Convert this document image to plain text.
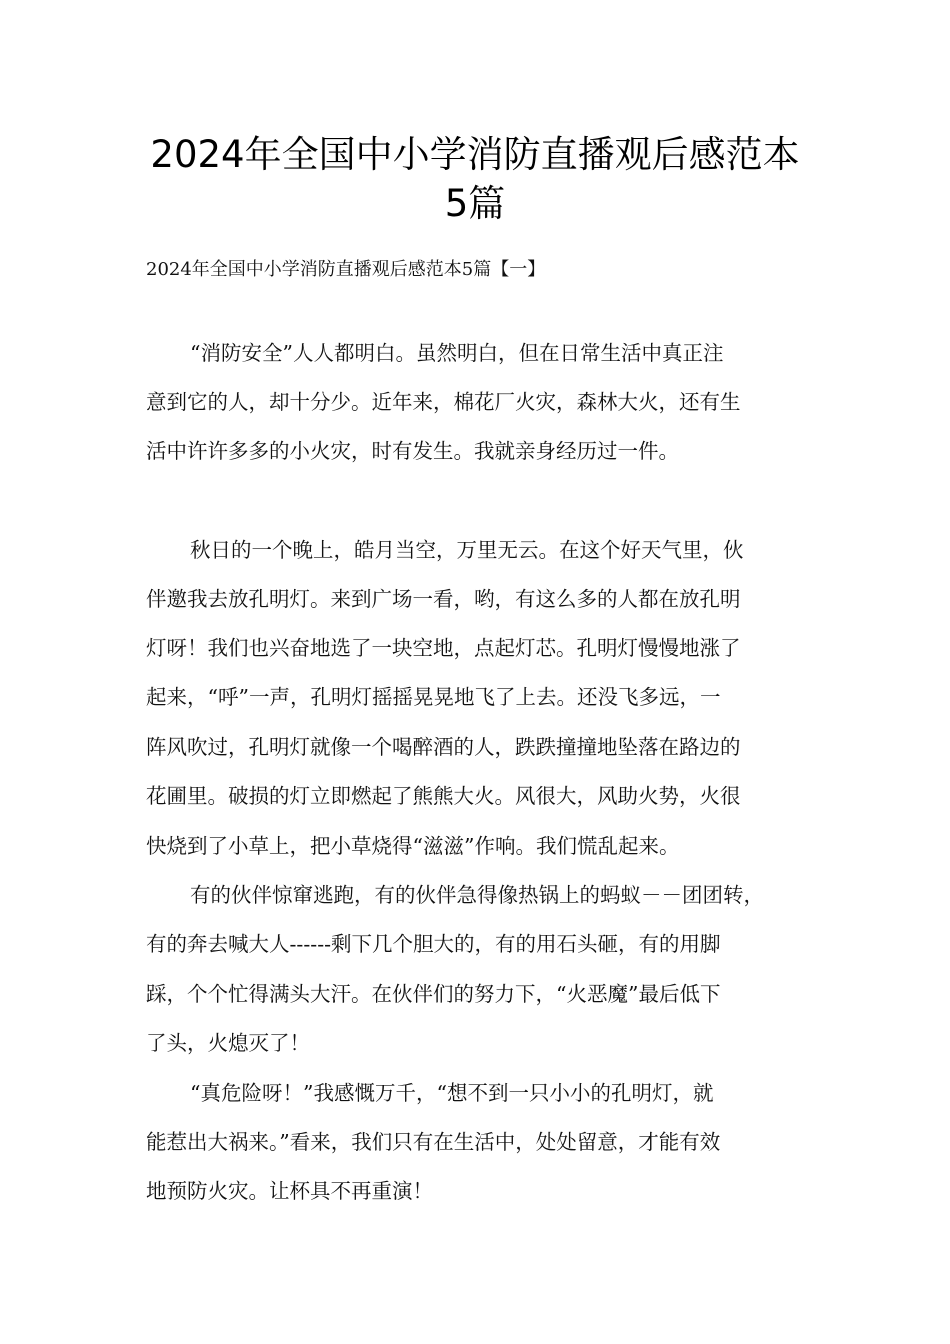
2024年全国中小学消防直播观后感范本
5篇

2024年全国中小学消防直播观后感范本5篇【一】

“消防安全”人人都明白。虽然明白，但在日常生活中真正注

意到它的人，却十分少。近年来，棉花厂火灾，森林大火，还有生

活中许许多多的小火灾，时有发生。我就亲身经历过一件。

秋日的一个晚上，皓月当空，万里无云。在这个好天气里，伙

伴邀我去放孔明灯。来到广场一看，哟，有这么多的人都在放孔明

灯呀！我们也兴奋地选了一块空地，点起灯芯。孔明灯慢慢地涨了

起来，“呼”一声，孔明灯摇摇晃晃地飞了上去。还没飞多远，一

阵风吹过，孔明灯就像一个喝醉酒的人，跌跌撞撞地坠落在路边的

花圃里。破损的灯立即燃起了熊熊大火。风很大，风助火势，火很

快烧到了小草上，把小草烧得“滋滋”作响。我们慌乱起来。

有的伙伴惊窜逃跑，有的伙伴急得像热锅上的蚂蚁－－团团转，

有的奔去喊大人------剩下几个胆大的，有的用石头砸，有的用脚

踩，个个忙得满头大汗。在伙伴们的努力下，“火恶魔”最后低下

了头，火熄灭了！

“真危险呀！”我感慨万千，“想不到一只小小的孔明灯，就

能惹出大祸来。”看来，我们只有在生活中，处处留意，才能有效

地预防火灾。让杯具不再重演！
